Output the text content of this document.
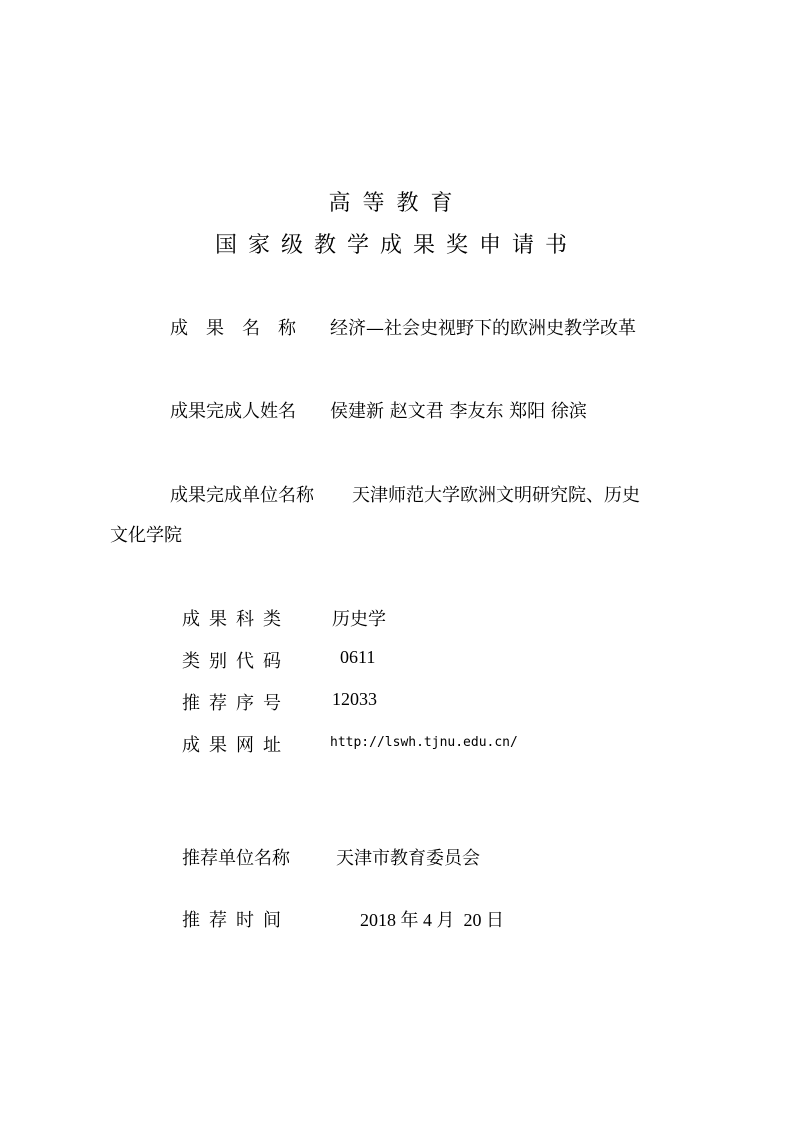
高等教育
国家级教学成果奖申请书
成果名称 经济—社会史视野下的欧洲史教学改革
成果完成人姓名 侯建新 赵文君 李友东 郑阳 徐滨
成果完成单位名称 天津师范大学欧洲文明研究院、历史
文化学院
成果科类 历史学
类别代码	0611
推荐序号 12033
成果网址	http://lswh.tjnu.edu.cn/
推荐单位名称	天津市教育委员会
推荐时间	2018 年 4 月  20 日
